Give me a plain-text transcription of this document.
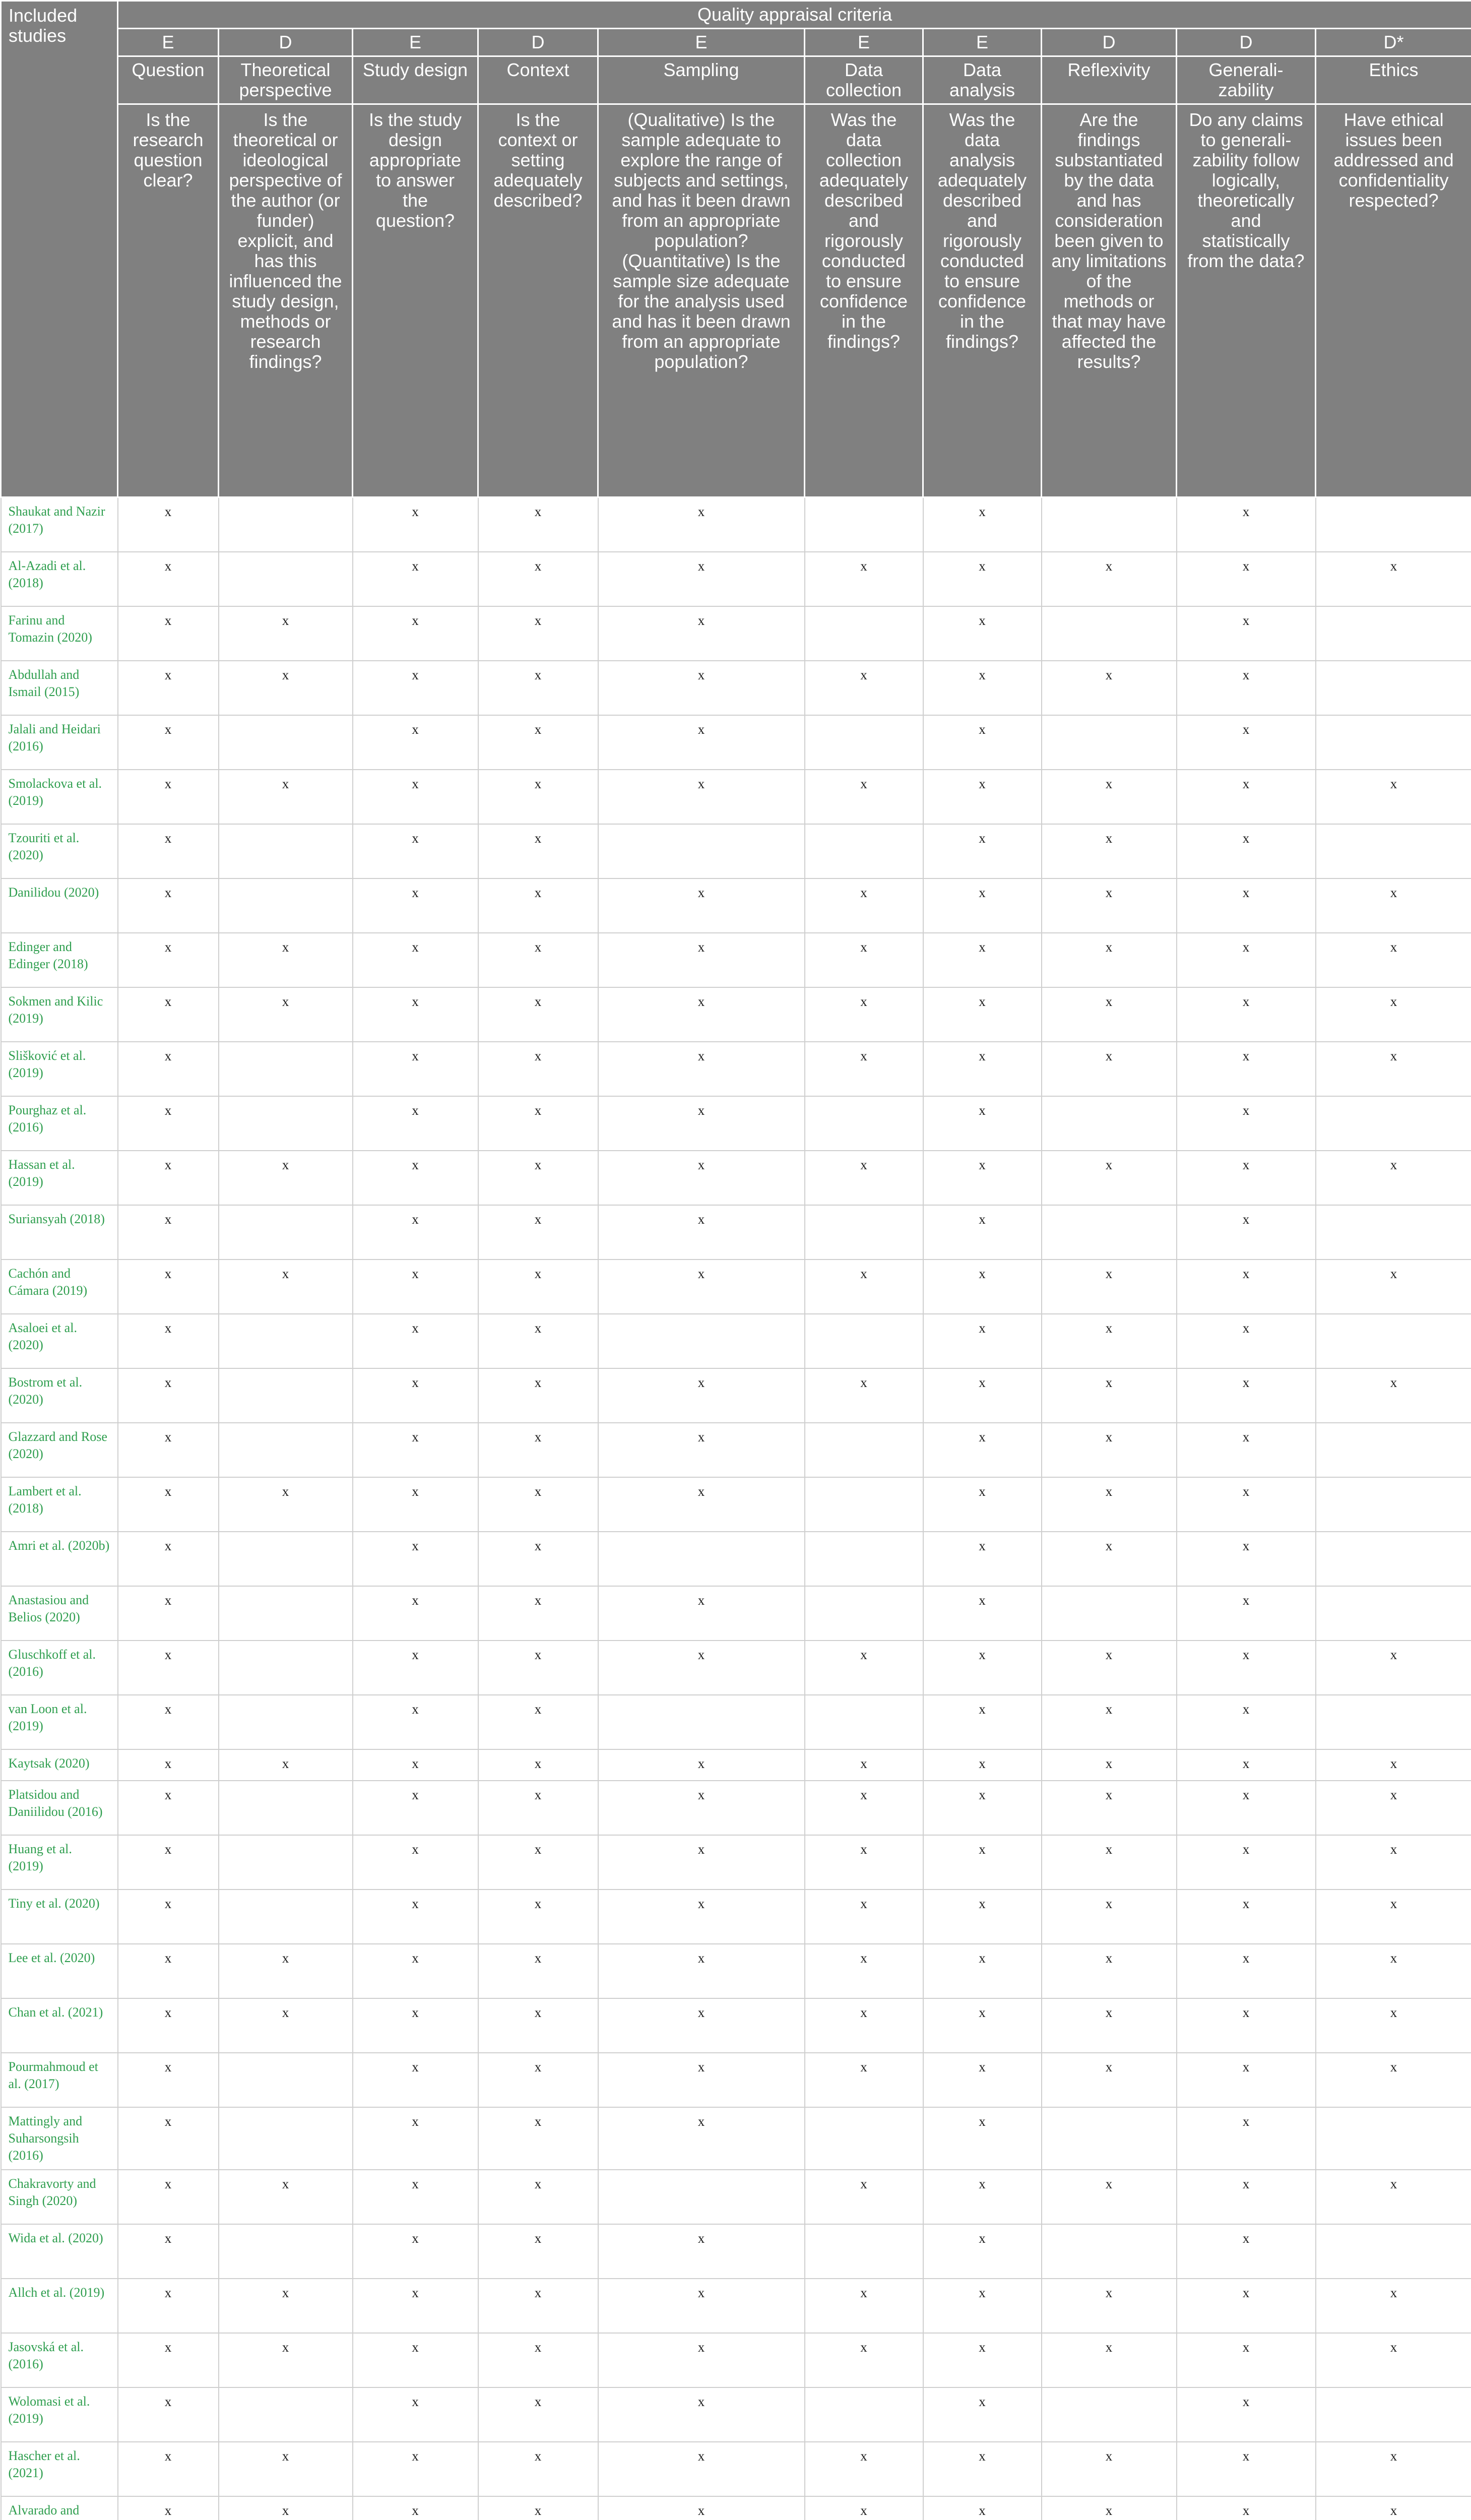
Included studies	Quality appraisal criteria									
	E	D	E	D	E	E	E	D	D	D*
	Question	Theoretical perspective	Study design	Context	Sampling	Data collection	Data analysis	Reflexivity	Generali-zability	Ethics
	Is the research question clear?	Is the theoretical or ideological perspective of the author (or funder) explicit, and has this influenced the study design, methods or research findings?	Is the study design appropriate to answer the question?	Is the context or setting adequately described?	(Qualitative) Is the sample adequate to explore the range of subjects and settings, and has it been drawn from an appropriate population? (Quantitative) Is the sample size adequate for the analysis used and has it been drawn from an appropriate population?	Was the data collection adequately described and rigorously conducted to ensure confidence in the findings?	Was the data analysis adequately described and rigorously conducted to ensure confidence in the findings?	Are the findings substantiated by the data and has consideration been given to any limitations of the methods or that may have affected the results?	Do any claims to generali-zability follow logically, theoretically and statistically from the data?	Have ethical issues been addressed and confidentiality respected?
Shaukat and Nazir (2017)	x		x	x	x		x		x	
Al-Azadi et al. (2018)	x		x	x	x	x	x	x	x	x
Farinu and Tomazin (2020)	x	x	x	x	x		x		x	
Abdullah and Ismail (2015)	x	x	x	x	x	x	x	x	x	
Jalali and Heidari (2016)	x		x	x	x		x		x	
Smolackova et al. (2019)	x	x	x	x	x	x	x	x	x	x
Tzouriti et al. (2020)	x		x	x			x	x	x	
Danilidou (2020)	x		x	x	x	x	x	x	x	x
Edinger and Edinger (2018)	x	x	x	x	x	x	x	x	x	x
Sokmen and Kilic (2019)	x	x	x	x	x	x	x	x	x	x
Slišković et al. (2019)	x		x	x	x	x	x	x	x	x
Pourghaz et al. (2016)	x		x	x	x		x		x	
Hassan et al. (2019)	x	x	x	x	x	x	x	x	x	x
Suriansyah (2018)	x		x	x	x		x		x	
Cachón and Cámara (2019)	x	x	x	x	x	x	x	x	x	x
Asaloei et al. (2020)	x		x	x			x	x	x	
Bostrom et al. (2020)	x		x	x	x	x	x	x	x	x
Glazzard and Rose (2020)	x		x	x	x		x	x	x	
Lambert et al. (2018)	x	x	x	x	x		x	x	x	
Amri et al. (2020b)	x		x	x			x	x	x	
Anastasiou and Belios (2020)	x		x	x	x		x		x	
Gluschkoff et al. (2016)	x		x	x	x	x	x	x	x	x
van Loon et al. (2019)	x		x	x			x	x	x	
Kaytsak (2020)	x	x	x	x	x	x	x	x	x	x
Platsidou and Daniilidou (2016)	x		x	x	x	x	x	x	x	x
Huang et al. (2019)	x		x	x	x	x	x	x	x	x
Tiny et al. (2020)	x		x	x	x	x	x	x	x	x
Lee et al. (2020)	x	x	x	x	x	x	x	x	x	x
Chan et al. (2021)	x	x	x	x	x	x	x	x	x	x
Pourmahmoud et al. (2017)	x		x	x	x	x	x	x	x	x
Mattingly and Suharsongsih (2016)	x		x	x	x		x		x	
Chakravorty and Singh (2020)	x	x	x	x		x	x	x	x	x
Wida et al. (2020)	x		x	x	x		x		x	
Allch et al. (2019)	x	x	x	x	x	x	x	x	x	x
Jasovská et al. (2016)	x	x	x	x	x	x	x	x	x	x
Wolomasi et al. (2019)	x		x	x	x		x		x	
Hascher et al. (2021)	x	x	x	x	x	x	x	x	x	x
Alvarado and	x	x	x	x	x	x	x	x	x	x
